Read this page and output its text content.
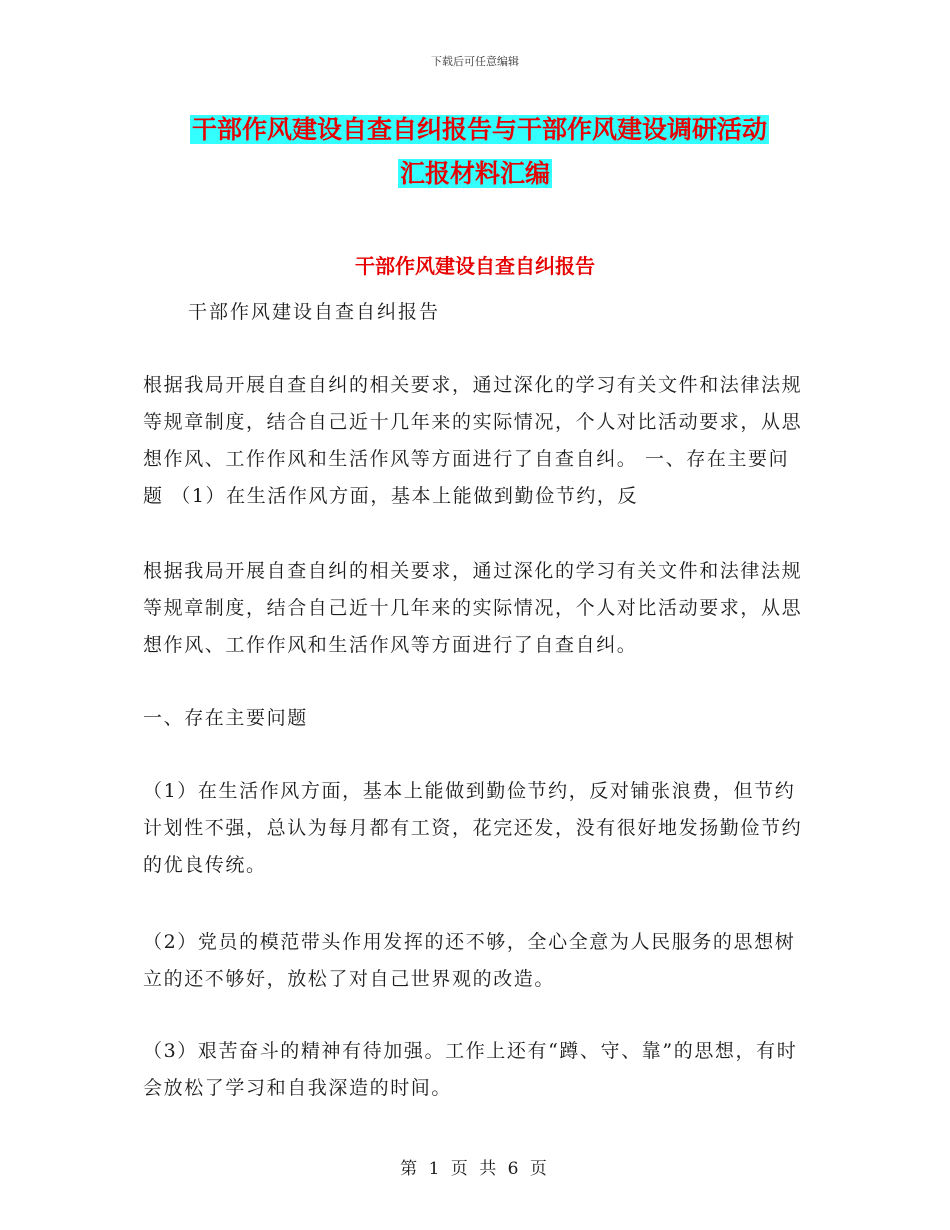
下载后可任意编辑
干部作风建设自查自纠报告与干部作风建设调研活动
汇报材料汇编
干部作风建设自查自纠报告
干部作风建设自查自纠报告

根据我局开展自查自纠的相关要求，通过深化的学习有关文件和法律法规等规章制度，结合自己近十几年来的实际情况，个人对比活动要求，从思想作风、工作作风和生活作风等方面进行了自查自纠。 一、存在主要问题 （1）在生活作风方面，基本上能做到勤俭节约，反

根据我局开展自查自纠的相关要求，通过深化的学习有关文件和法律法规等规章制度，结合自己近十几年来的实际情况，个人对比活动要求，从思想作风、工作作风和生活作风等方面进行了自查自纠。

一、存在主要问题

（1）在生活作风方面，基本上能做到勤俭节约，反对铺张浪费，但节约计划性不强，总认为每月都有工资，花完还发，没有很好地发扬勤俭节约的优良传统。

（2）党员的模范带头作用发挥的还不够，全心全意为人民服务的思想树立的还不够好，放松了对自己世界观的改造。

（3）艰苦奋斗的精神有待加强。工作上还有“蹲、守、靠”的思想，有时会放松了学习和自我深造的时间。

第 1 页 共 6 页
